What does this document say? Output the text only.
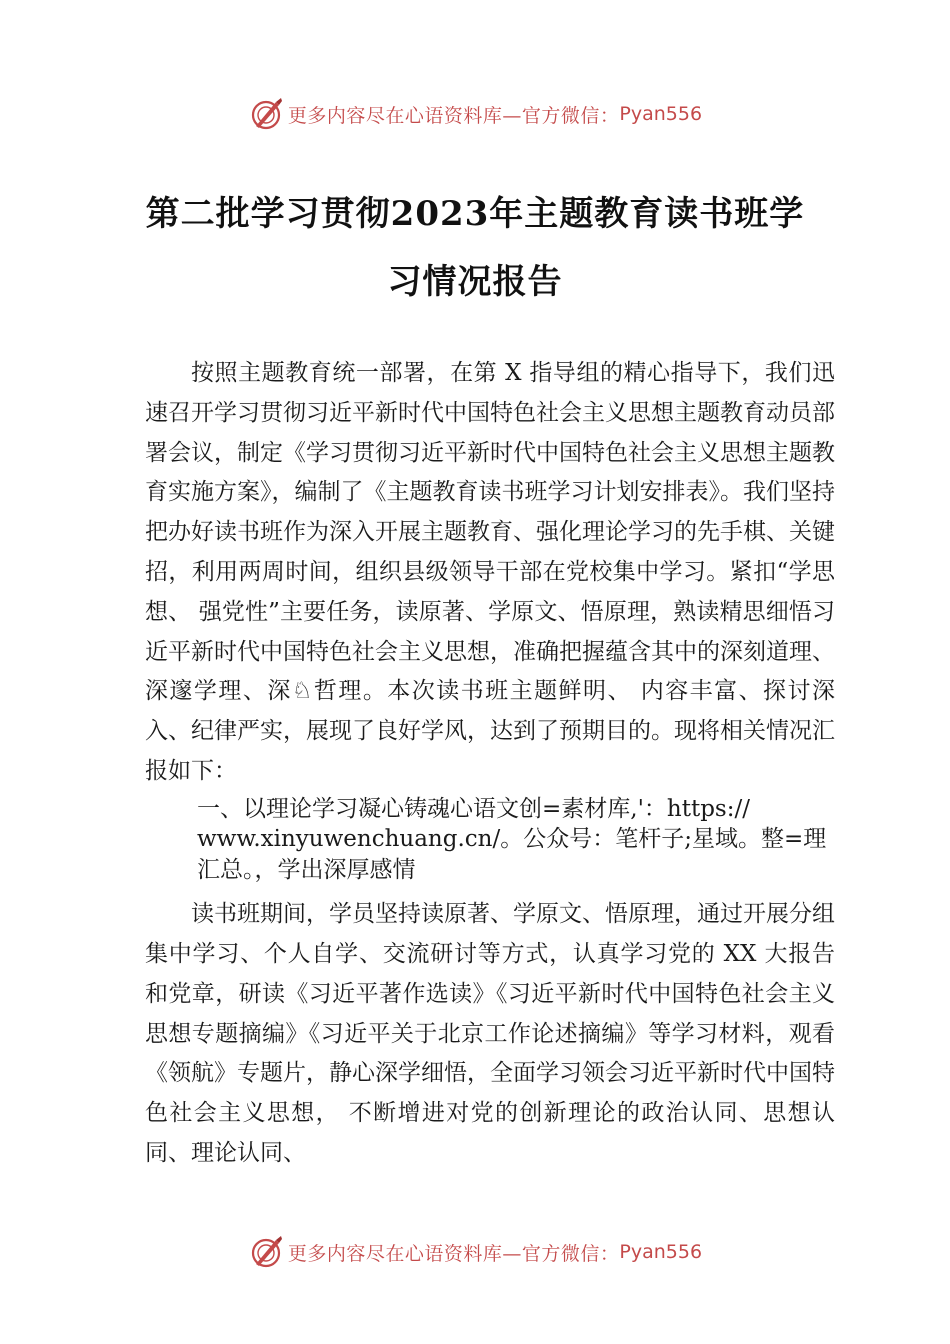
更多内容尽在心语资料库—官方微信： Pyan556
第二批学习贯彻2023年主题教育读书班学
习情况报告

按照主题教育统一部署，在第 X 指导组的精心指导下，我们迅速召开学习贯彻习近平新时代中国特色社会主义思想主题教育动员部署会议，制定《学习贯彻习近平新时代中国特色社会主义思想主题教育实施方案》，编制了《主题教育读书班学习计划安排表》。我们坚持把办好读书班作为深入开展主题教育、强化理论学习的先手棋、关键招，利用两周时间，组织县级领导干部在党校集中学习。紧扣“学思想、 强党性”主要任务，读原著、学原文、悟原理，熟读精思细悟习近平新时代中国特色社会主义思想，准确把握蕴含其中的深刻道理、深邃学理、深♘哲理。本次读书班主题鲜明、 内容丰富、探讨深入、纪律严实，展现了良好学风，达到了预期目的。现将相关情况汇报如下：

一、以理论学习凝心铸魂心语文创=素材库,'：https://
www.xinyuwenchuang.cn/。公众号：笔杆子;星域。整=理
汇总。，学出深厚感情

读书班期间，学员坚持读原著、学原文、悟原理，通过开展分组集中学习、个人自学、交流研讨等方式，认真学习党的 XX 大报告和党章，研读《习近平著作选读》《习近平新时代中国特色社会主义思想专题摘编》《习近平关于北京工作论述摘编》等学习材料，观看《领航》专题片，静心深学细悟，全面学习领会习近平新时代中国特色社会主义思想， 不断增进对党的创新理论的政治认同、思想认同、理论认同、

更多内容尽在心语资料库—官方微信： Pyan556
